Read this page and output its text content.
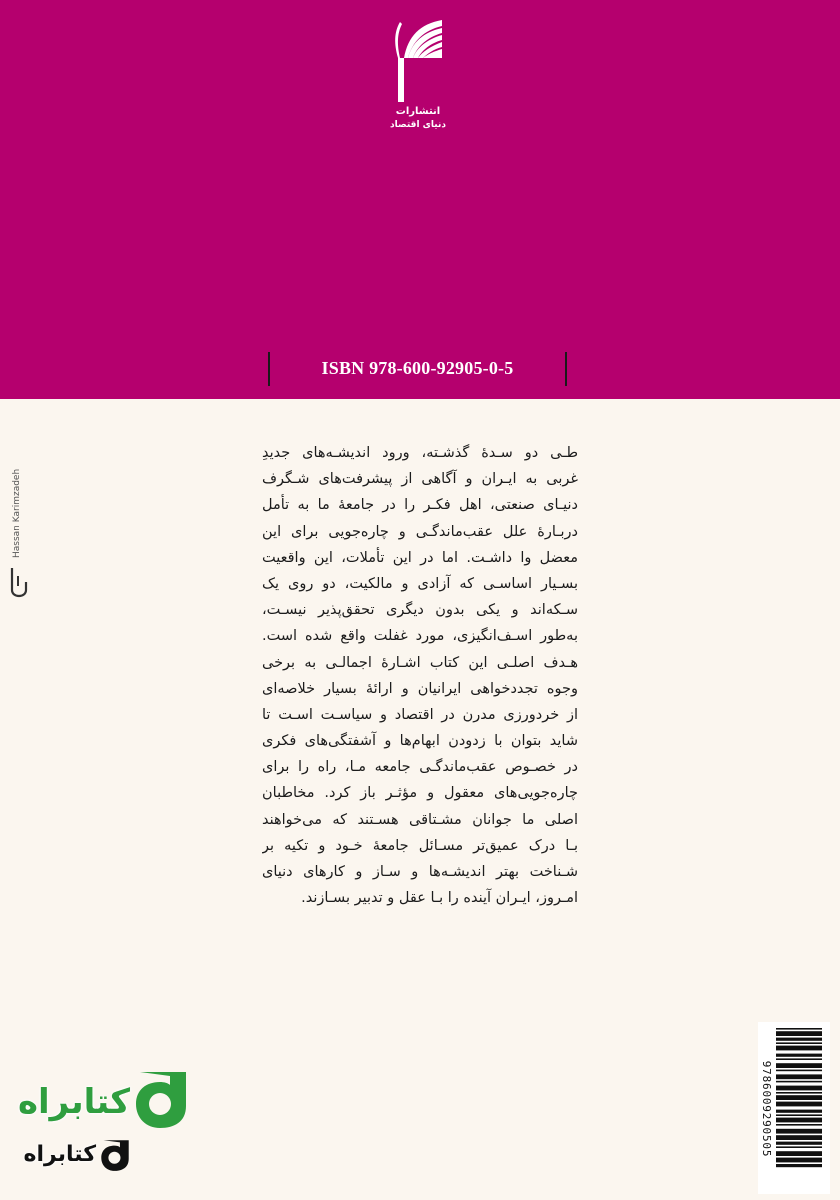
انتشارات
دنیای اقتصاد
ISBN 978-600-92905-0-5
Hassan Karimzadeh
طـی دو سـدهٔ گذشـته، ورود اندیشـه‌های جدیدِ
غربی به ایـران و آگاهی از پیشرفت‌های شـگرف
دنیـای صنعتی، اهل فکـر را در جامعهٔ ما به تأمل
دربـارهٔ علل عقب‌ماندگـی و چاره‌جویی برای این
معضل وا داشـت. اما در این تأملات، این واقعیت
بسـیار اساسـی که آزادی و مالکیت، دو روی یک
سـکه‌اند و یکی بدون دیگری تحقق‌پذیر نیسـت،
به‌طور اسـف‌انگیزی، مورد غفلت واقع شده است.
هـدف اصلـی این کتاب اشـارهٔ اجمالـی به برخی
وجوه تجددخواهی ایرانیان و ارائهٔ بسیار خلاصه‌ای
از خردورزی مدرن در اقتصاد و سیاسـت اسـت تا
شاید بتوان با زدودن ابهام‌ها و آشفتگی‌های فکری
در خصـوص عقب‌ماندگـی جامعه مـا، راه را برای
چاره‌جویی‌های معقول و مؤثـر باز کرد. مخاطبان
اصلی ما جوانان مشـتاقی هسـتند که می‌خواهند
بـا درک عمیق‌تر مسـائل جامعهٔ خـود و تکیه بر
شـناخت بهتر اندیشـه‌ها و سـاز و کارهای دنیای
امـروز، ایـران آینده را بـا عقل و تدبیر بسـازند.
9786009290505
کتابراه
کتابراه
